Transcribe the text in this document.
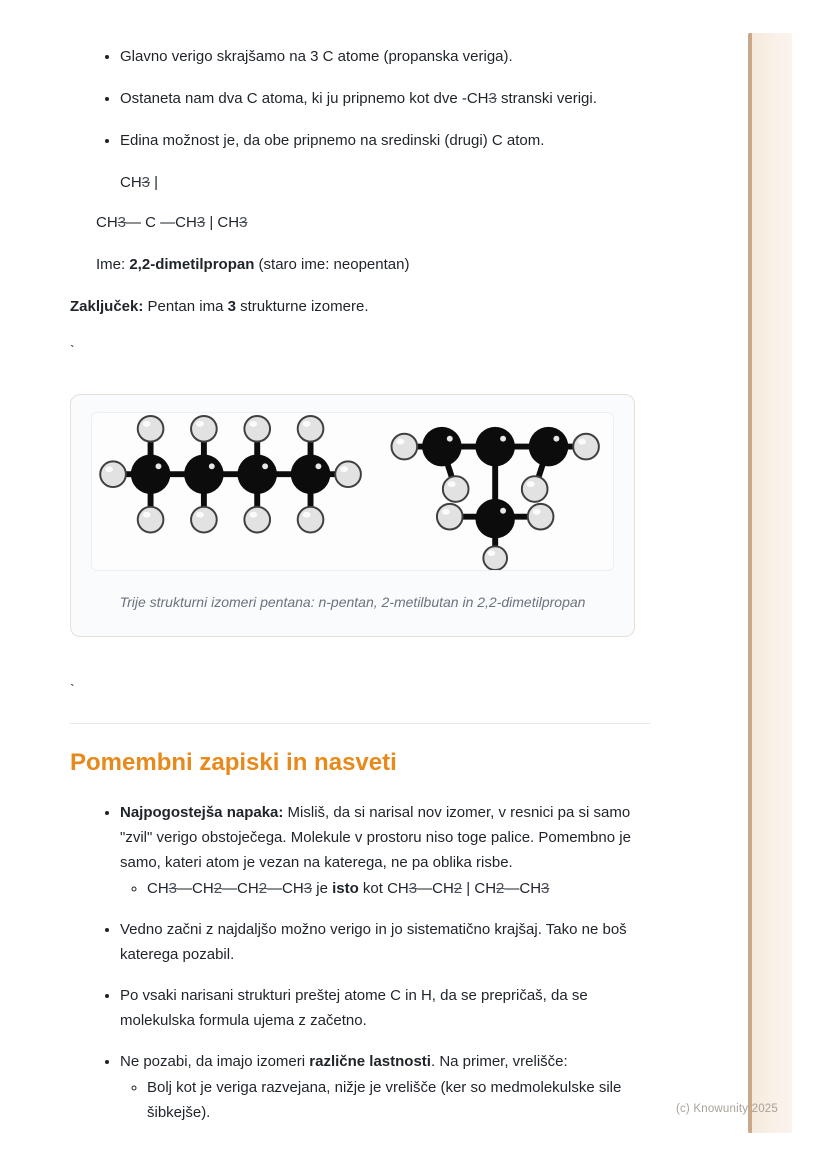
• Glavno verigo skrajšamo na 3 C atome (propanska veriga).
• Ostaneta nam dva C atoma, ki ju pripnemo kot dve -CH3 stranski verigi.
• Edina možnost je, da obe pripnemo na sredinski (drugi) C atom.

CH3 |

CH3— C —CH3 | CH3

Ime: 2,2-dimetilpropan (staro ime: neopentan)

Zaključek: Pentan ima 3 strukturne izomere.

`

Trije strukturni izomeri pentana: n-pentan, 2-metilbutan in 2,2-dimetilpropan

`

Pomembni zapiski in nasveti
• Najpogostejša napaka: Misliš, da si narisal nov izomer, v resnici pa si samo "zvil" verigo obstoječega. Molekule v prostoru niso toge palice. Pomembno je samo, kateri atom je vezan na katerega, ne pa oblika risbe.
◦ CH3—CH2—CH2—CH3 je isto kot CH3—CH2 | CH2—CH3
• Vedno začni z najdaljšo možno verigo in jo sistematično krajšaj. Tako ne boš katerega pozabil.
• Po vsaki narisani strukturi preštej atome C in H, da se prepričaš, da se molekulska formula ujema z začetno.
• Ne pozabi, da imajo izomeri različne lastnosti. Na primer, vrelišče:
◦ Bolj kot je veriga razvejana, nižje je vrelišče (ker so medmolekulske sile šibkejše).	(c) Knowunity 2025
